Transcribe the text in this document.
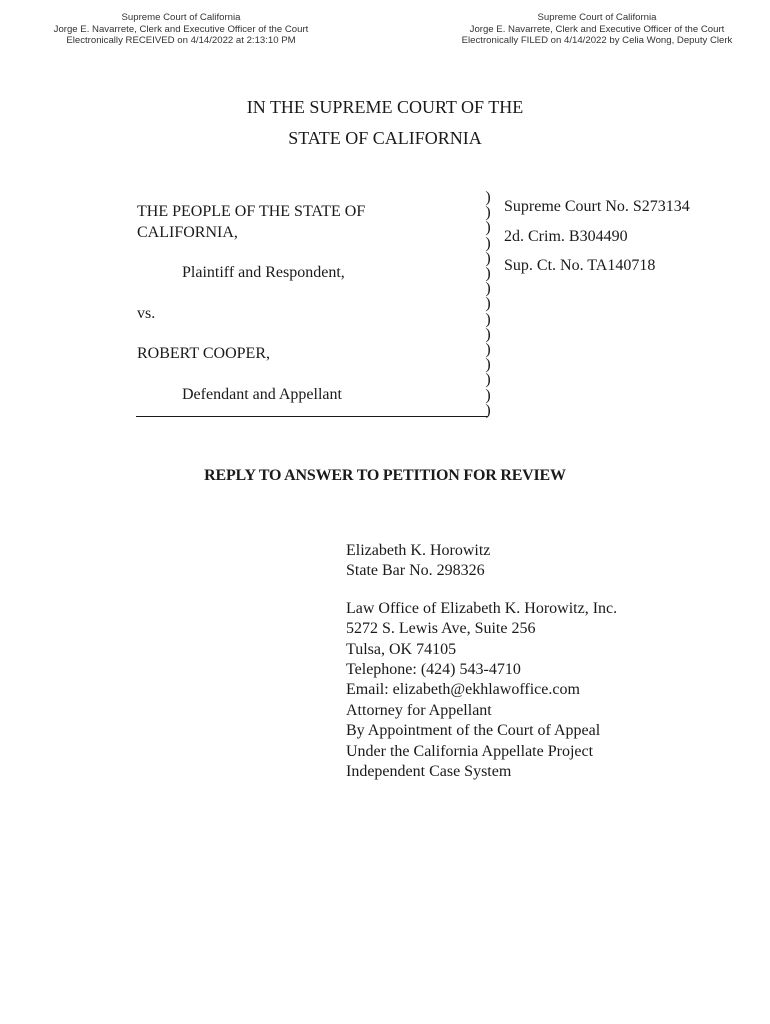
Supreme Court of California
Jorge E. Navarrete, Clerk and Executive Officer of the Court
Electronically RECEIVED on 4/14/2022 at 2:13:10 PM
Supreme Court of California
Jorge E. Navarrete, Clerk and Executive Officer of the Court
Electronically FILED on 4/14/2022 by Celia Wong, Deputy Clerk
IN THE SUPREME COURT OF THE
STATE OF CALIFORNIA
THE PEOPLE OF THE STATE OF
CALIFORNIA,
Plaintiff and Respondent,
vs.
ROBERT COOPER,
Defendant and Appellant
)
)
)
)
)
)
)
)
)
)
)
)
)
)
)
Supreme Court No. S273134
2d. Crim. B304490
Sup. Ct. No. TA140718
REPLY TO ANSWER TO PETITION FOR REVIEW
Elizabeth K. Horowitz
State Bar No. 298326
Law Office of Elizabeth K. Horowitz, Inc.
5272 S. Lewis Ave, Suite 256
Tulsa, OK 74105
Telephone: (424) 543-4710
Email: elizabeth@ekhlawoffice.com
Attorney for Appellant
By Appointment of the Court of Appeal
Under the California Appellate Project
Independent Case System
